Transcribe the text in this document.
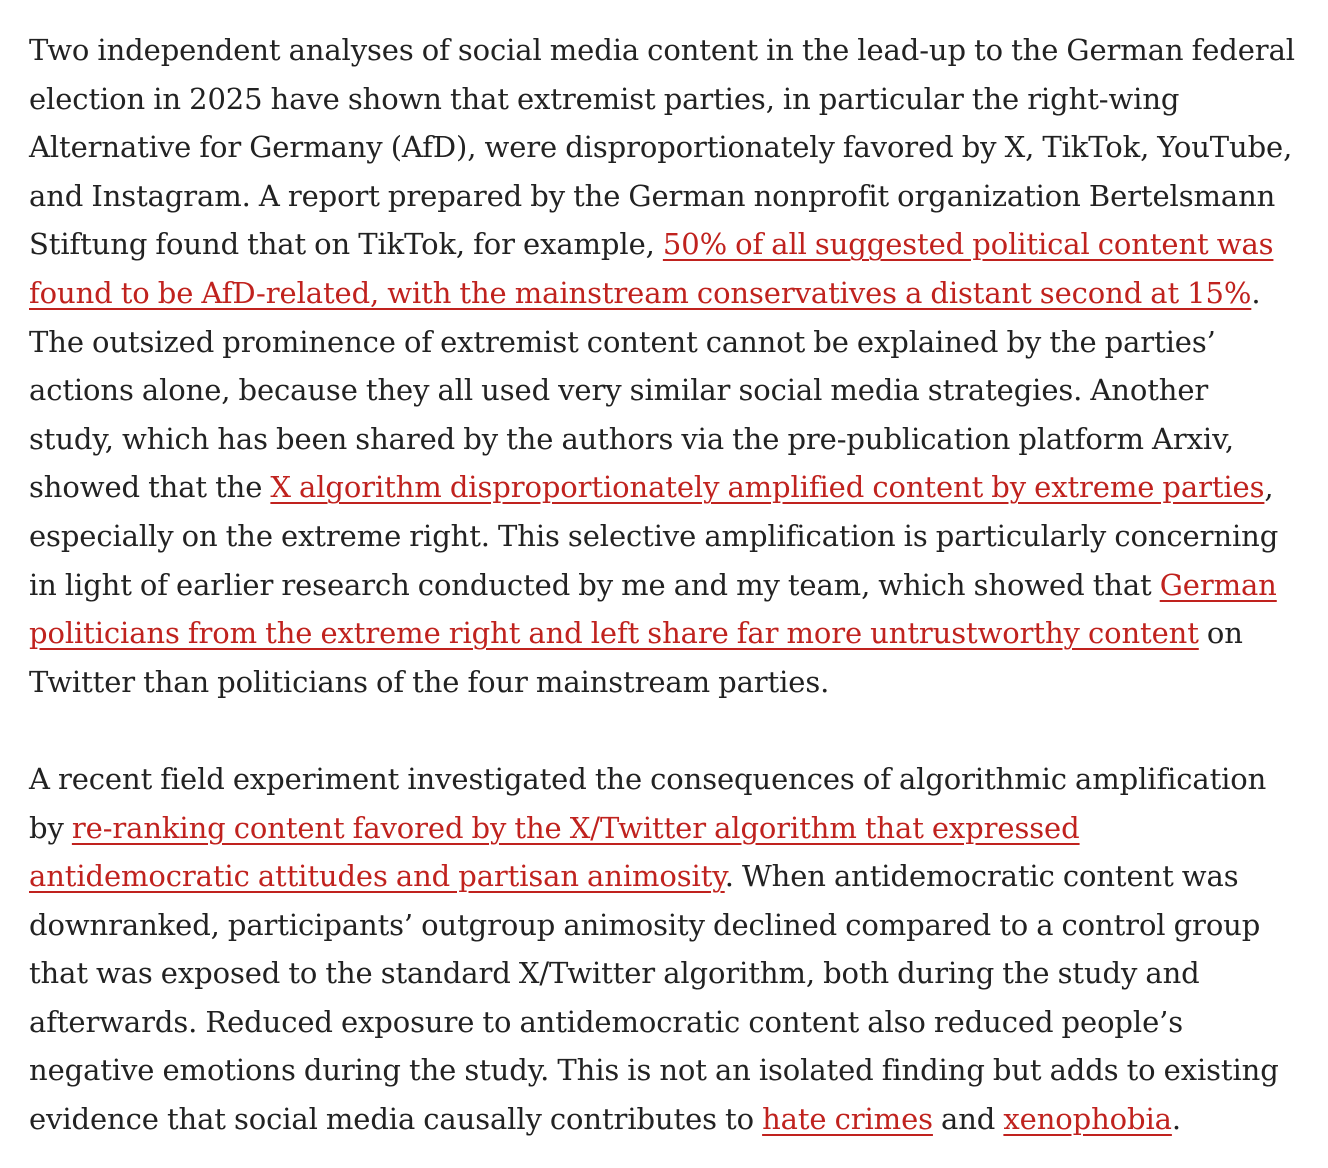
Two independent analyses of social media content in the lead-up to the German federal election in 2025 have shown that extremist parties, in particular the right-wing Alternative for Germany (AfD), were disproportionately favored by X, TikTok, YouTube, and Instagram. A report prepared by the German nonprofit organization Bertelsmann Stiftung found that on TikTok, for example, 50% of all suggested political content was found to be AfD-related, with the mainstream conservatives a distant second at 15%. The outsized prominence of extremist content cannot be explained by the parties’ actions alone, because they all used very similar social media strategies. Another study, which has been shared by the authors via the pre-publication platform Arxiv, showed that the X algorithm disproportionately amplified content by extreme parties, especially on the extreme right. This selective amplification is particularly concerning in light of earlier research conducted by me and my team, which showed that German politicians from the extreme right and left share far more untrustworthy content on Twitter than politicians of the four mainstream parties.

A recent field experiment investigated the consequences of algorithmic amplification by re-ranking content favored by the X/Twitter algorithm that expressed antidemocratic attitudes and partisan animosity. When antidemocratic content was downranked, participants’ outgroup animosity declined compared to a control group that was exposed to the standard X/Twitter algorithm, both during the study and afterwards. Reduced exposure to antidemocratic content also reduced people’s negative emotions during the study. This is not an isolated finding but adds to existing evidence that social media causally contributes to hate crimes and xenophobia.
